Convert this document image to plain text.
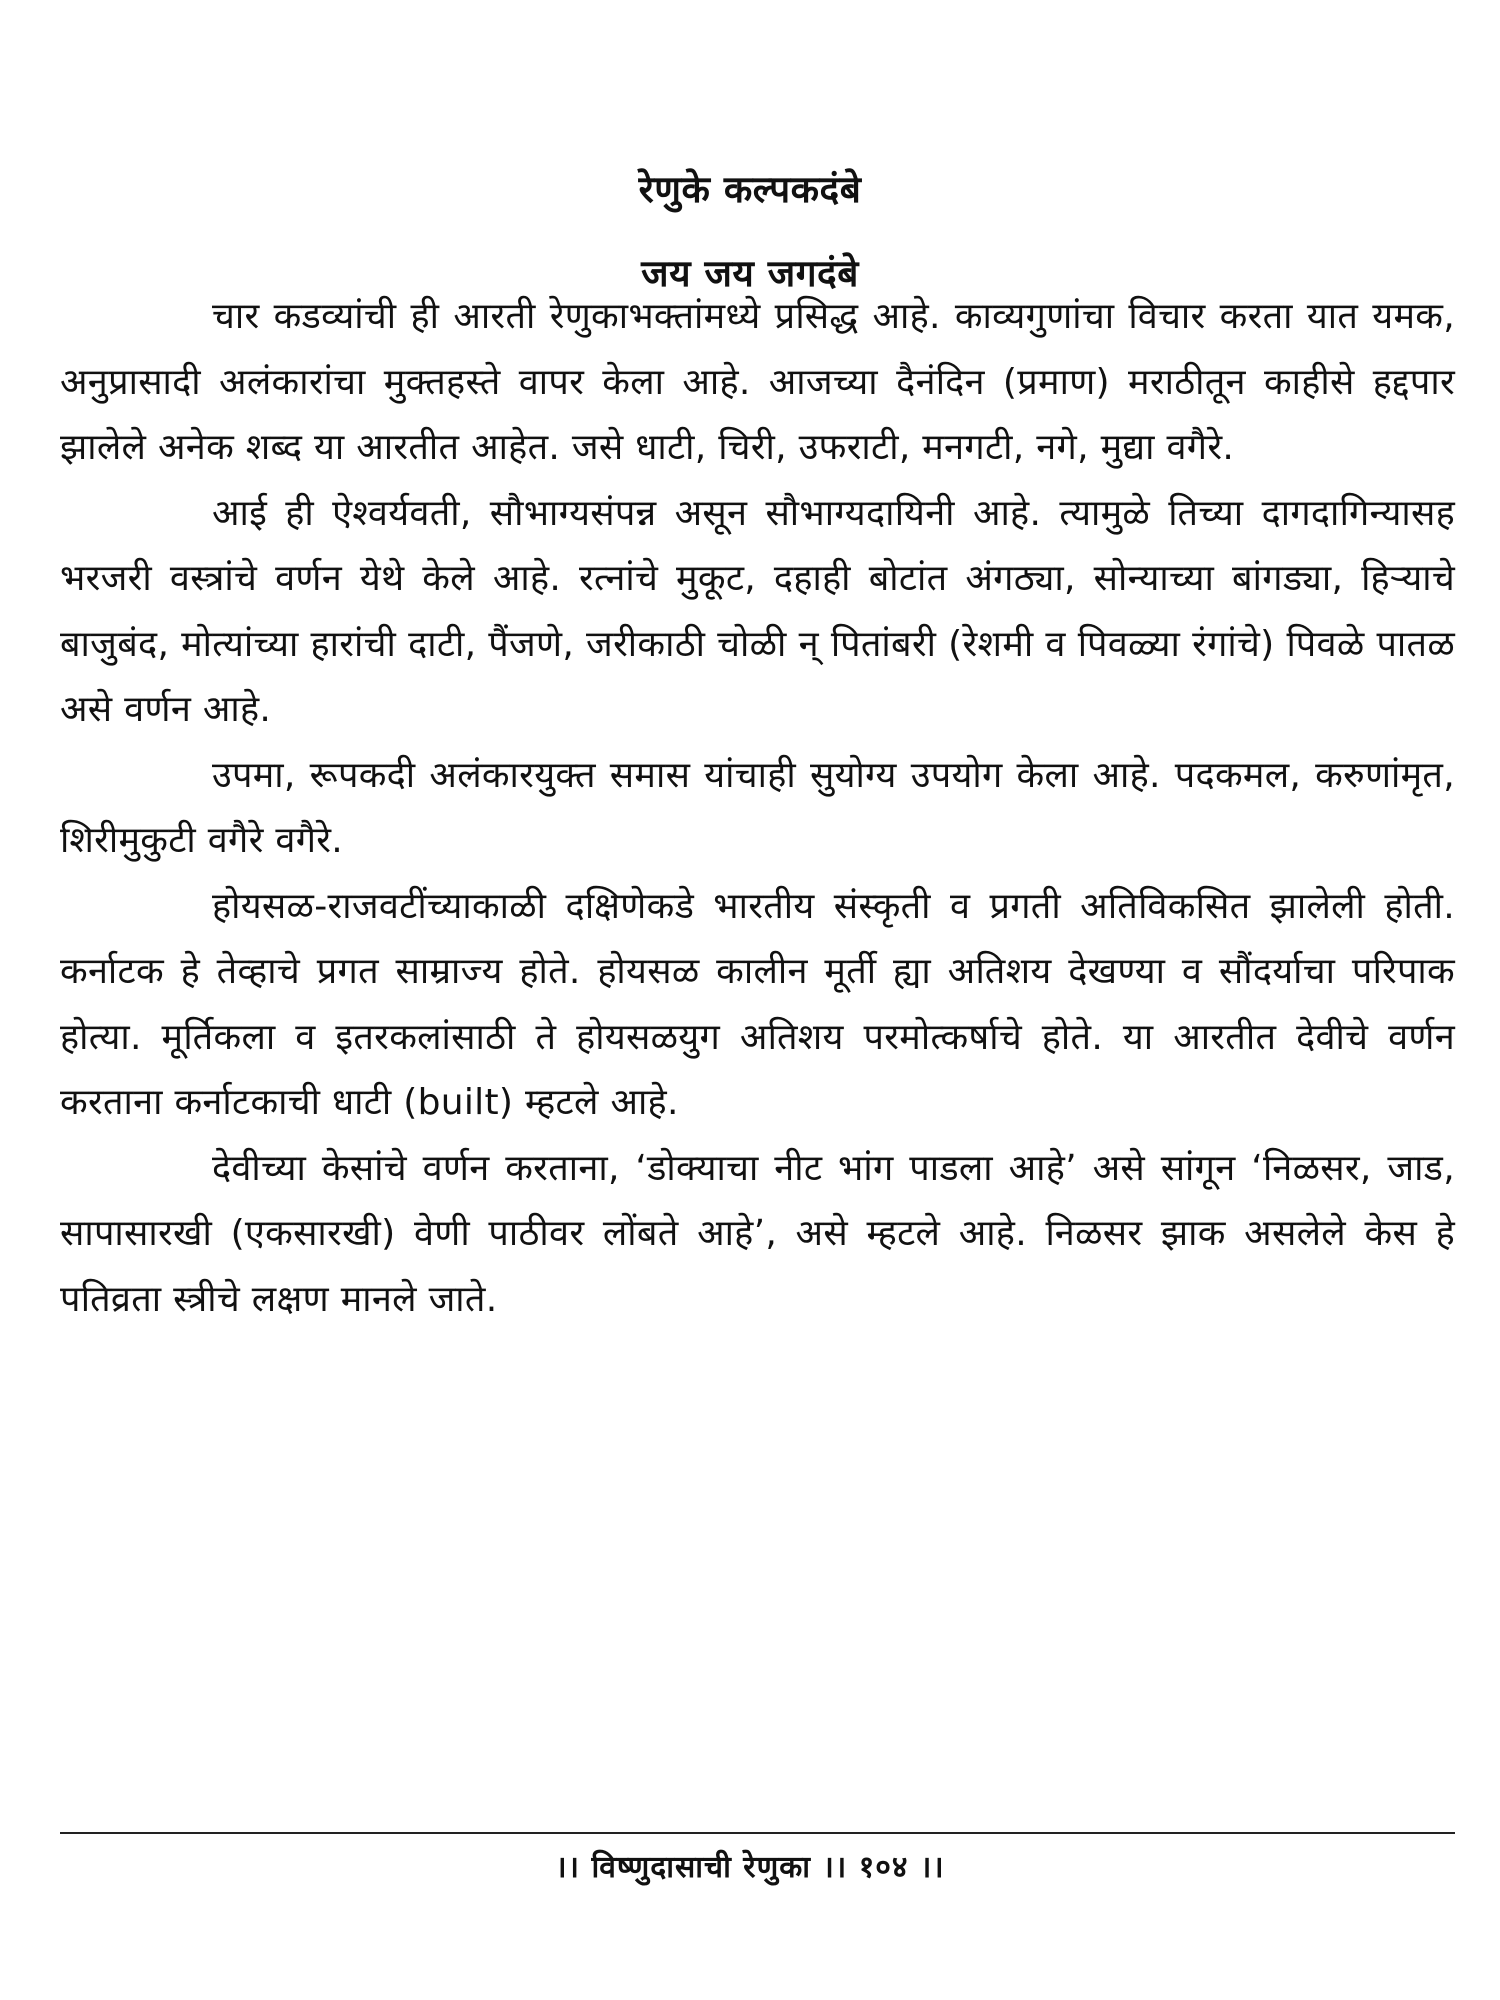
रेणुके कल्पकदंबे
जय जय जगदंबे

चार कडव्यांची ही आरती रेणुकाभक्तांमध्ये प्रसिद्ध आहे. काव्यगुणांचा विचार करता यात यमक, अनुप्रासादी अलंकारांचा मुक्तहस्ते वापर केला आहे. आजच्या दैनंदिन (प्रमाण) मराठीतून काहीसे हद्दपार झालेले अनेक शब्द या आरतीत आहेत. जसे धाटी, चिरी, उफराटी, मनगटी, नगे, मुद्या वगैरे.

आई ही ऐश्वर्यवती, सौभाग्यसंपन्न असून सौभाग्यदायिनी आहे. त्यामुळे तिच्या दागदागिन्यासह भरजरी वस्त्रांचे वर्णन येथे केले आहे. रत्नांचे मुकूट, दहाही बोटांत अंगठ्या, सोन्याच्या बांगड्या, हिऱ्याचे बाजुबंद, मोत्यांच्या हारांची दाटी, पैंजणे, जरीकाठी चोळी न् पितांबरी (रेशमी व पिवळ्या रंगांचे) पिवळे पातळ असे वर्णन आहे.

उपमा, रूपकदी अलंकारयुक्त समास यांचाही सुयोग्य उपयोग केला आहे. पदकमल, करुणांमृत, शिरीमुकुटी वगैरे वगैरे.

होयसळ-राजवटींच्याकाळी दक्षिणेकडे भारतीय संस्कृती व प्रगती अतिविकसित झालेली होती. कर्नाटक हे तेव्हाचे प्रगत साम्राज्य होते. होयसळ कालीन मूर्ती ह्या अतिशय देखण्या व सौंदर्याचा परिपाक होत्या. मूर्तिकला व इतरकलांसाठी ते होयसळयुग अतिशय परमोत्कर्षाचे होते. या आरतीत देवीचे वर्णन करताना कर्नाटकाची धाटी (built) म्हटले आहे.

देवीच्या केसांचे वर्णन करताना, ‘डोक्याचा नीट भांग पाडला आहे’ असे सांगून ‘निळसर, जाड, सापासारखी (एकसारखी) वेणी पाठीवर लोंबते आहे’, असे म्हटले आहे. निळसर झाक असलेले केस हे पतिव्रता स्त्रीचे लक्षण मानले जाते.

।। विष्णुदासाची रेणुका ।। १०४ ।।
